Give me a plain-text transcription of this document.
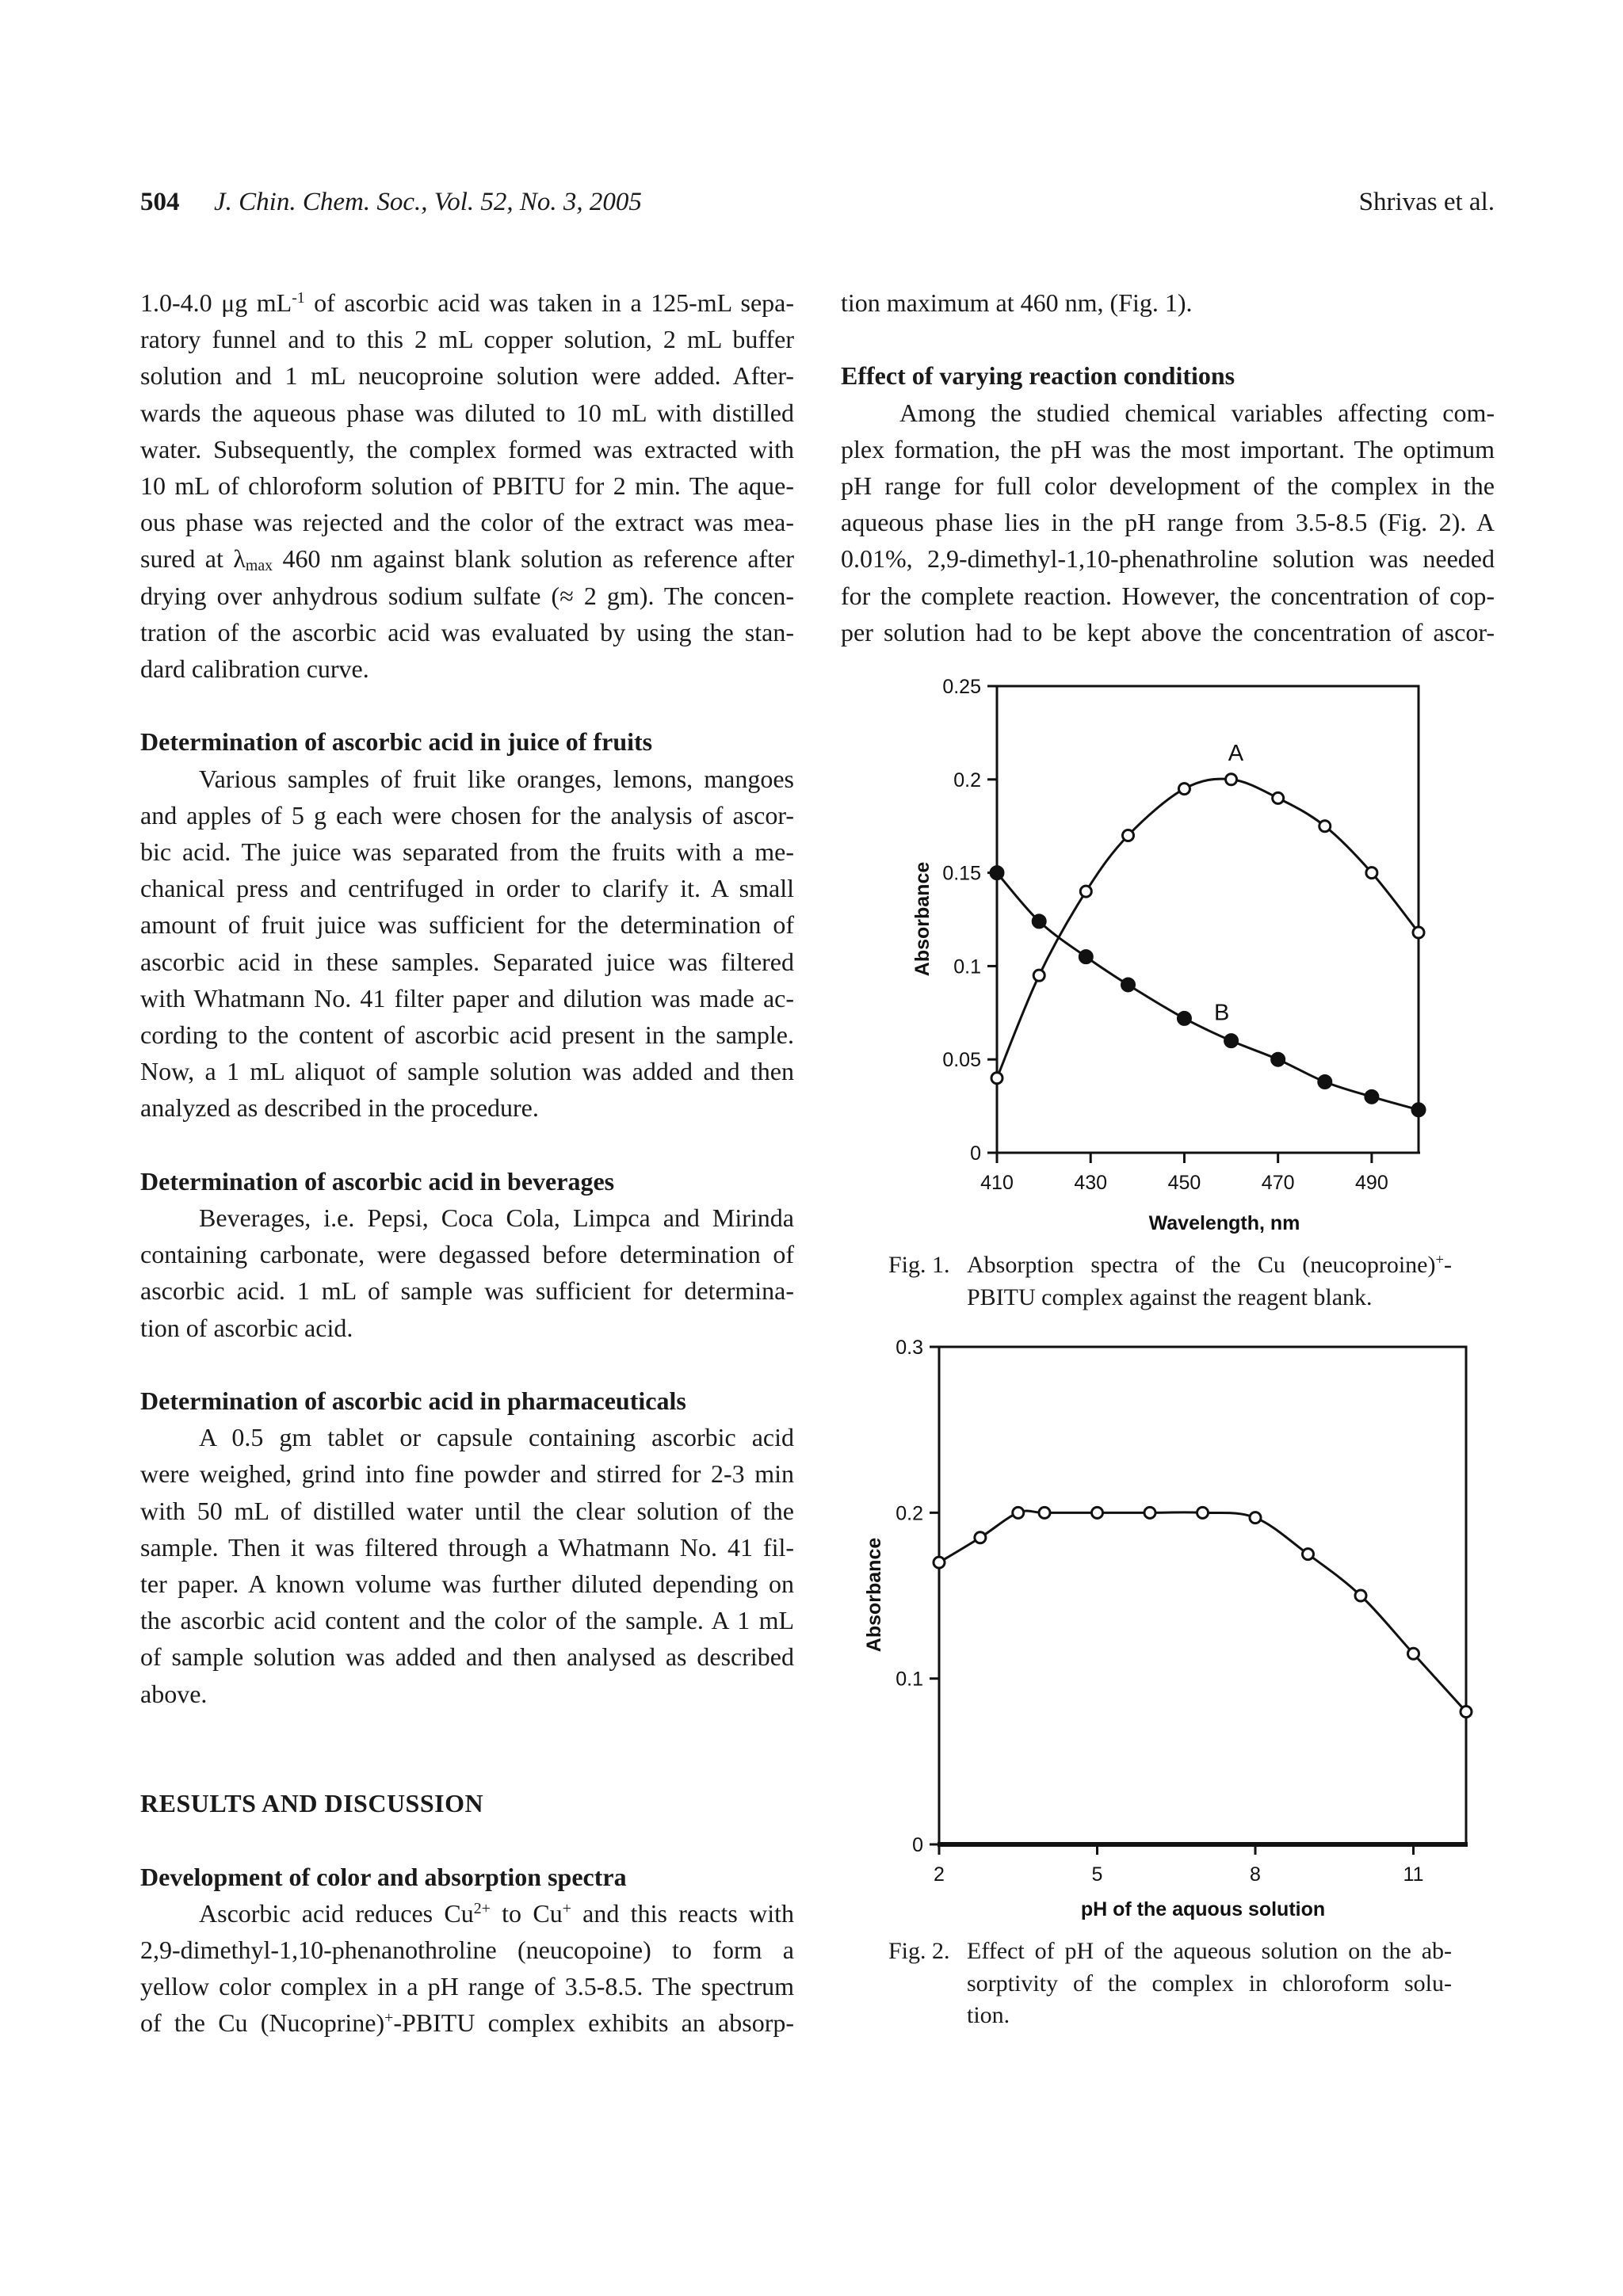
504 J. Chin. Chem. Soc., Vol. 52, No. 3, 2005	Shrivas et al.
1.0-4.0 μg $mL^{-1}$ of ascorbic acid was taken in a 125-mL sepa-
ratory funnel and to this 2 mL copper solution, 2 mL buffer
solution and 1 mL neucoproine solution were added. After-
wards the aqueous phase was diluted to 10 mL with distilled
water. Subsequently, the complex formed was extracted with
10 mL of chloroform solution of PBITU for 2 min. The aque-
ous phase was rejected and the color of the extract was mea-
sured at $\lambda_{max}$ 460 nm against blank solution as reference after
drying over anhydrous sodium sulfate (≈ 2 gm). The concen-
tration of the ascorbic acid was evaluated by using the stan-
dard calibration curve.
Determination of ascorbic acid in juice of fruits
Various samples of fruit like oranges, lemons, mangoes
and apples of 5 g each were chosen for the analysis of ascor-
bic acid. The juice was separated from the fruits with a me-
chanical press and centrifuged in order to clarify it. A small
amount of fruit juice was sufficient for the determination of
ascorbic acid in these samples. Separated juice was filtered
with Whatmann No. 41 filter paper and dilution was made ac-
cording to the content of ascorbic acid present in the sample.
Now, a 1 mL aliquot of sample solution was added and then
analyzed as described in the procedure.
Determination of ascorbic acid in beverages
Beverages, i.e. Pepsi, Coca Cola, Limpca and Mirinda
containing carbonate, were degassed before determination of
ascorbic acid. 1 mL of sample was sufficient for determina-
tion of ascorbic acid.
Determination of ascorbic acid in pharmaceuticals
A 0.5 gm tablet or capsule containing ascorbic acid
were weighed, grind into fine powder and stirred for 2-3 min
with 50 mL of distilled water until the clear solution of the
sample. Then it was filtered through a Whatmann No. 41 fil-
ter paper. A known volume was further diluted depending on
the ascorbic acid content and the color of the sample. A 1 mL
of sample solution was added and then analysed as described
above.
RESULTS AND DISCUSSION
Development of color and absorption spectra
Ascorbic acid reduces $Cu^{2+}$ to Cu+ and this reacts with
2,9-dimethyl-1,10-phenanothroline (neucopoine) to form a
yellow color complex in a pH range of 3.5-8.5. The spectrum
of the Cu (Nucoprine)+-PBITU complex exhibits an absorp-
tion maximum at 460 nm, (Fig. 1).
Effect of varying reaction conditions
Among the studied chemical variables affecting com-
plex formation, the pH was the most important. The optimum
pH range for full color development of the complex in the
aqueous phase lies in the pH range from 3.5-8.5 (Fig. 2). A
0.01%, 2,9-dimethyl-1,10-phenathroline solution was needed
for the complete reaction. However, the concentration of cop-
per solution had to be kept above the concentration of ascor-
0
0.05
0.1
0.15
0.2
0.25
410	430	450	470	490
Wavelength, nm
Absorbance
A
B
0
0.1
0.2
0.3
2	5	8	11
pH of the aquous solution
Absorbance
Fig. 1. Absorption spectra of the Cu (neucoproine)+-
PBITU complex against the reagent blank.
Fig. 2. Effect of pH of the aqueous solution on the ab-
sorptivity of the complex in chloroform solu-
tion.
